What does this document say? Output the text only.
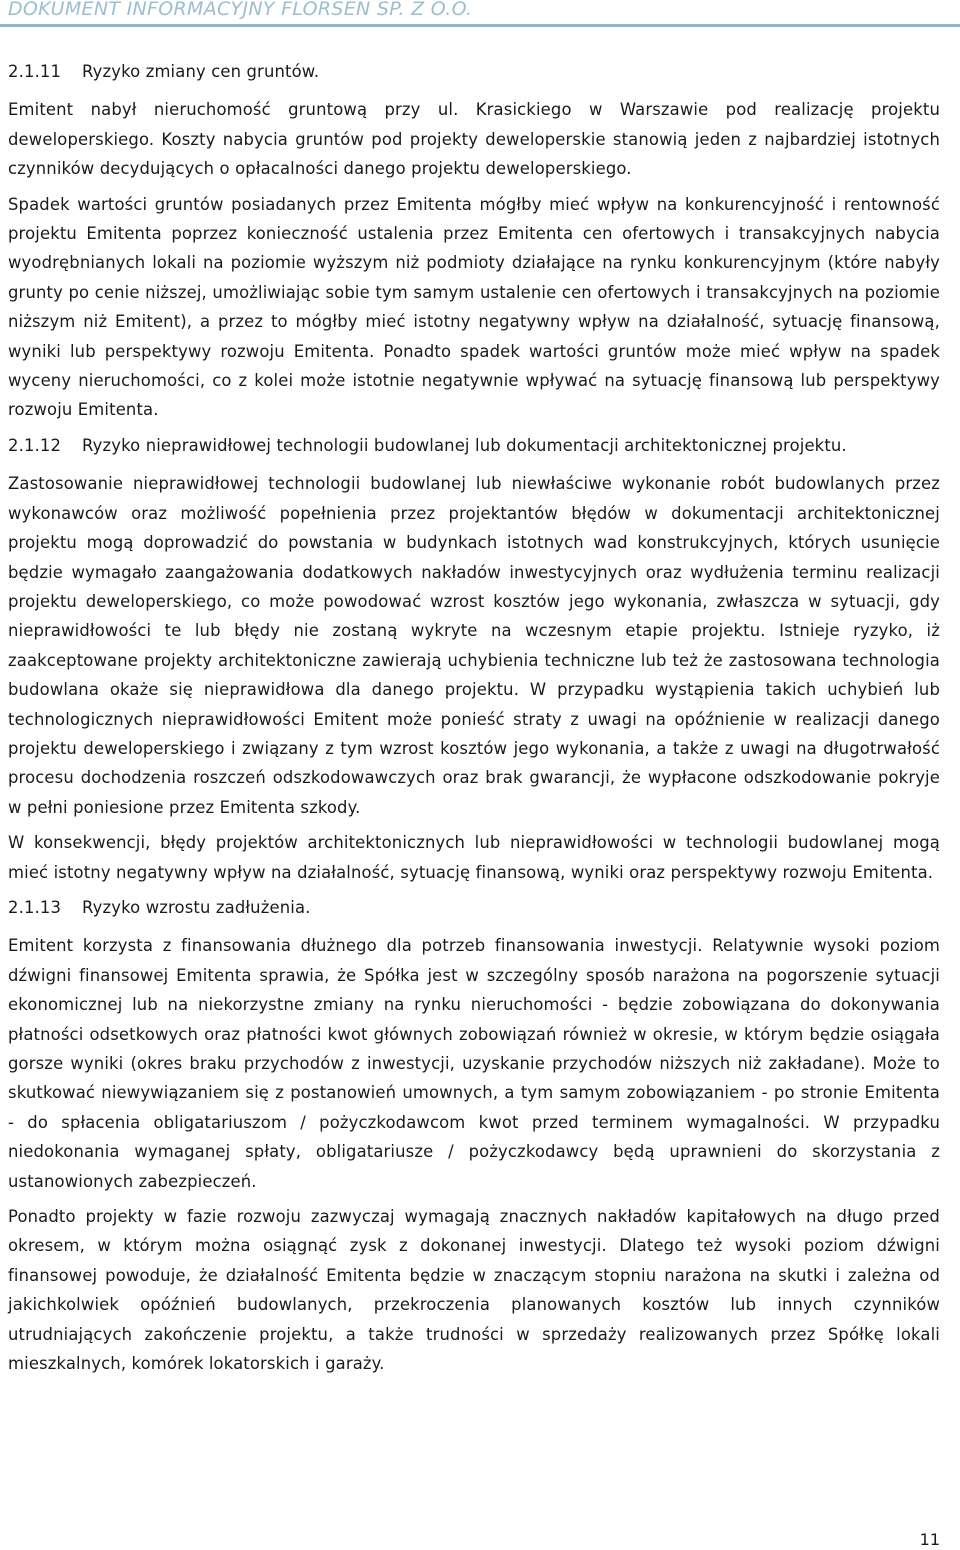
DOKUMENT INFORMACYJNY FLORSEN SP. Z O.O.
2.1.11 Ryzyko zmiany cen gruntów.

Emitent nabył nieruchomość gruntową przy ul. Krasickiego w Warszawie pod realizację projektu deweloperskiego. Koszty nabycia gruntów pod projekty deweloperskie stanowią jeden z najbardziej istotnych czynników decydujących o opłacalności danego projektu deweloperskiego.

Spadek wartości gruntów posiadanych przez Emitenta mógłby mieć wpływ na konkurencyjność i rentowność projektu Emitenta poprzez konieczność ustalenia przez Emitenta cen ofertowych i transakcyjnych nabycia wyodrębnianych lokali na poziomie wyższym niż podmioty działające na rynku konkurencyjnym (które nabyły grunty po cenie niższej, umożliwiając sobie tym samym ustalenie cen ofertowych i transakcyjnych na poziomie niższym niż Emitent), a przez to mógłby mieć istotny negatywny wpływ na działalność, sytuację finansową, wyniki lub perspektywy rozwoju Emitenta. Ponadto spadek wartości gruntów może mieć wpływ na spadek wyceny nieruchomości, co z kolei może istotnie negatywnie wpływać na sytuację finansową lub perspektywy rozwoju Emitenta.

2.1.12 Ryzyko nieprawidłowej technologii budowlanej lub dokumentacji architektonicznej projektu.

Zastosowanie nieprawidłowej technologii budowlanej lub niewłaściwe wykonanie robót budowlanych przez wykonawców oraz możliwość popełnienia przez projektantów błędów w dokumentacji architektonicznej projektu mogą doprowadzić do powstania w budynkach istotnych wad konstrukcyjnych, których usunięcie będzie wymagało zaangażowania dodatkowych nakładów inwestycyjnych oraz wydłużenia terminu realizacji projektu deweloperskiego, co może powodować wzrost kosztów jego wykonania, zwłaszcza w sytuacji, gdy nieprawidłowości te lub błędy nie zostaną wykryte na wczesnym etapie projektu. Istnieje ryzyko, iż zaakceptowane projekty architektoniczne zawierają uchybienia techniczne lub też że zastosowana technologia budowlana okaże się nieprawidłowa dla danego projektu. W przypadku wystąpienia takich uchybień lub technologicznych nieprawidłowości Emitent może ponieść straty z uwagi na opóźnienie w realizacji danego projektu deweloperskiego i związany z tym wzrost kosztów jego wykonania, a także z uwagi na długotrwałość procesu dochodzenia roszczeń odszkodowawczych oraz brak gwarancji, że wypłacone odszkodowanie pokryje w pełni poniesione przez Emitenta szkody.

W konsekwencji, błędy projektów architektonicznych lub nieprawidłowości w technologii budowlanej mogą mieć istotny negatywny wpływ na działalność, sytuację finansową, wyniki oraz perspektywy rozwoju Emitenta.

2.1.13 Ryzyko wzrostu zadłużenia.

Emitent korzysta z finansowania dłużnego dla potrzeb finansowania inwestycji. Relatywnie wysoki poziom dźwigni finansowej Emitenta sprawia, że Spółka jest w szczególny sposób narażona na pogorszenie sytuacji ekonomicznej lub na niekorzystne zmiany na rynku nieruchomości - będzie zobowiązana do dokonywania płatności odsetkowych oraz płatności kwot głównych zobowiązań również w okresie, w którym będzie osiągała gorsze wyniki (okres braku przychodów z inwestycji, uzyskanie przychodów niższych niż zakładane). Może to skutkować niewywiązaniem się z postanowień umownych, a tym samym zobowiązaniem - po stronie Emitenta - do spłacenia obligatariuszom / pożyczkodawcom kwot przed terminem wymagalności. W przypadku niedokonania wymaganej spłaty, obligatariusze / pożyczkodawcy będą uprawnieni do skorzystania z ustanowionych zabezpieczeń.

Ponadto projekty w fazie rozwoju zazwyczaj wymagają znacznych nakładów kapitałowych na długo przed okresem, w którym można osiągnąć zysk z dokonanej inwestycji. Dlatego też wysoki poziom dźwigni finansowej powoduje, że działalność Emitenta będzie w znaczącym stopniu narażona na skutki i zależna od jakichkolwiek opóźnień budowlanych, przekroczenia planowanych kosztów lub innych czynników utrudniających zakończenie projektu, a także trudności w sprzedaży realizowanych przez Spółkę lokali mieszkalnych, komórek lokatorskich i garaży.

11
